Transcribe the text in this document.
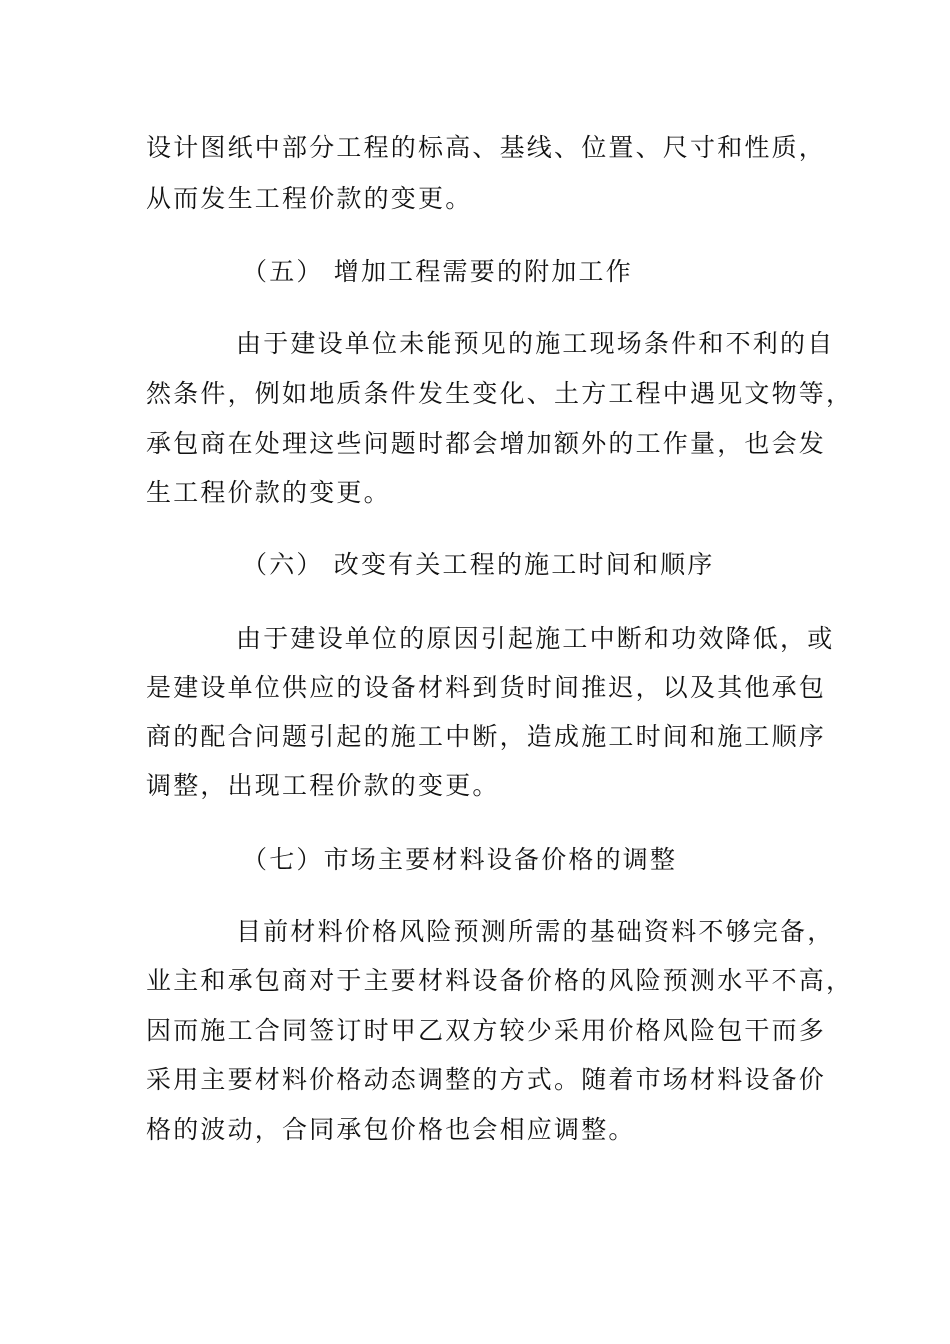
设计图纸中部分工程的标高、基线、位置、尺寸和性质，
从而发生工程价款的变更。
（五） 增加工程需要的附加工作
由于建设单位未能预见的施工现场条件和不利的自
然条件，例如地质条件发生变化、土方工程中遇见文物等，
承包商在处理这些问题时都会增加额外的工作量，也会发
生工程价款的变更。
（六） 改变有关工程的施工时间和顺序
由于建设单位的原因引起施工中断和功效降低，或
是建设单位供应的设备材料到货时间推迟，以及其他承包
商的配合问题引起的施工中断，造成施工时间和施工顺序
调整，出现工程价款的变更。
（七）市场主要材料设备价格的调整
目前材料价格风险预测所需的基础资料不够完备，
业主和承包商对于主要材料设备价格的风险预测水平不高，
因而施工合同签订时甲乙双方较少采用价格风险包干而多
采用主要材料价格动态调整的方式。随着市场材料设备价
格的波动，合同承包价格也会相应调整。
